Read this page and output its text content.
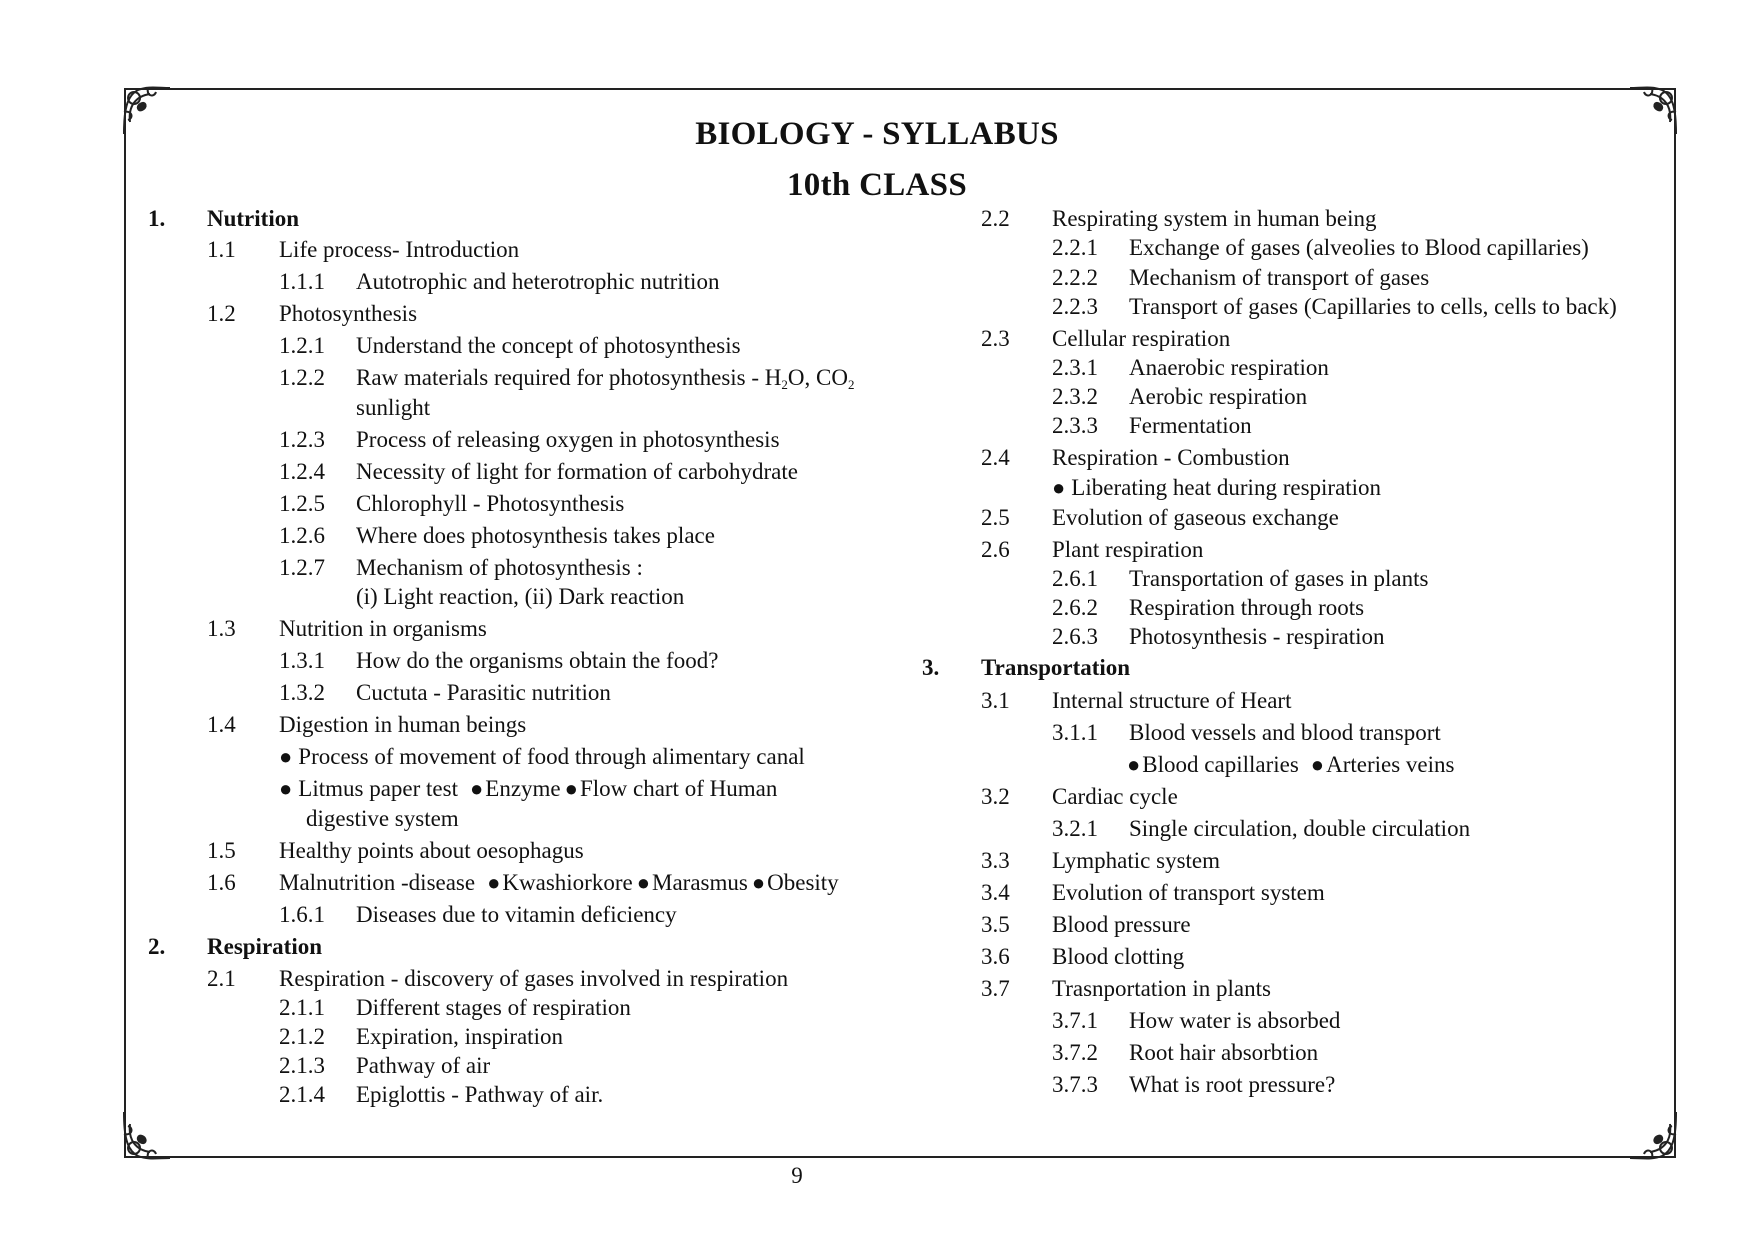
BIOLOGY - SYLLABUS
10th CLASS
1. Nutrition
1.1 Life process- Introduction
1.1.1 Autotrophic and heterotrophic nutrition
1.2 Photosynthesis
1.2.1 Understand the concept of photosynthesis
1.2.2 Raw materials required for photosynthesis - $H_2O$, $CO_2$
sunlight
1.2.3 Process of releasing oxygen in photosynthesis
1.2.4 Necessity of light for formation of carbohydrate
1.2.5 Chlorophyll - Photosynthesis
1.2.6 Where does photosynthesis takes place
1.2.7 Mechanism of photosynthesis :
(i) Light reaction, (ii) Dark reaction
1.3 Nutrition in organisms
1.3.1 How do the organisms obtain the food?
1.3.2 Cuctuta - Parasitic nutrition
1.4 Digestion in human beings
● Process of movement of food through alimentary canal
● Litmus paper test ●Enzyme ●Flow chart of Human
digestive system
1.5 Healthy points about oesophagus
1.6 Malnutrition -disease ●Kwashiorkore ●Marasmus ●Obesity
1.6.1 Diseases due to vitamin deficiency
2. Respiration
2.1 Respiration - discovery of gases involved in respiration
2.1.1 Different stages of respiration
2.1.2 Expiration, inspiration
2.1.3 Pathway of air
2.1.4 Epiglottis - Pathway of air.
2.2 Respirating system in human being
2.2.1 Exchange of gases (alveolies to Blood capillaries)
2.2.2 Mechanism of transport of gases
2.2.3 Transport of gases (Capillaries to cells, cells to back)
2.3 Cellular respiration
2.3.1 Anaerobic respiration
2.3.2 Aerobic respiration
2.3.3 Fermentation
2.4 Respiration - Combustion
● Liberating heat during respiration
2.5 Evolution of gaseous exchange
2.6 Plant respiration
2.6.1 Transportation of gases in plants
2.6.2 Respiration through roots
2.6.3 Photosynthesis - respiration
3. Transportation
3.1 Internal structure of Heart
3.1.1 Blood vessels and blood transport
●Blood capillaries ●Arteries veins
3.2 Cardiac cycle
3.2.1 Single circulation, double circulation
3.3 Lymphatic system
3.4 Evolution of transport system
3.5 Blood pressure
3.6 Blood clotting
3.7 Trasnportation in plants
3.7.1 How water is absorbed
3.7.2 Root hair absorbtion
3.7.3 What is root pressure?
9
